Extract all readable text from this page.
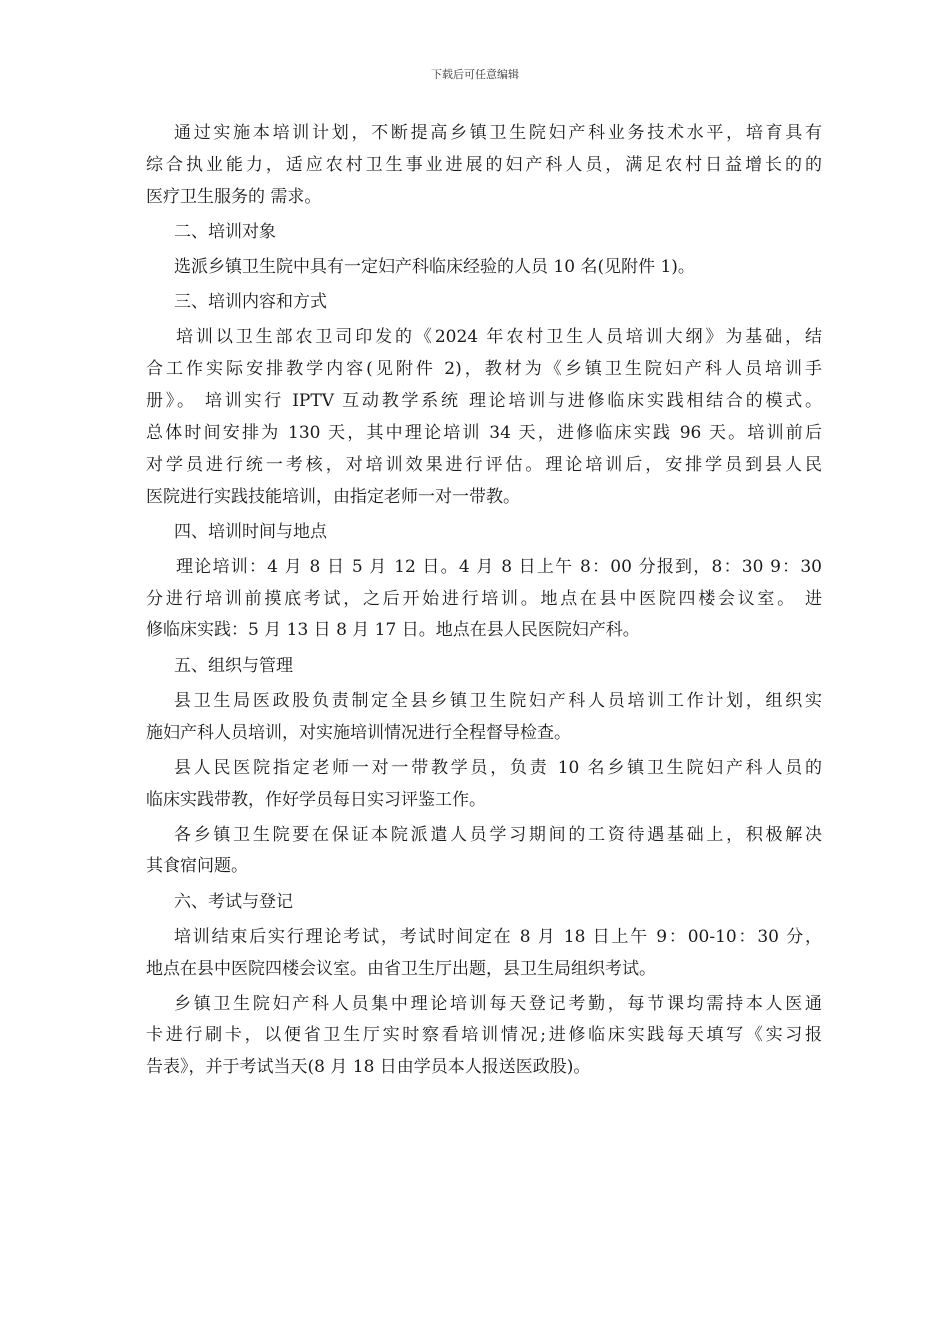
下载后可任意编辑
通过实施本培训计划，不断提高乡镇卫生院妇产科业务技术水平，培育具有
综合执业能力，适应农村卫生事业进展的妇产科人员，满足农村日益增长的的
医疗卫生服务的 需求。
二、培训对象
选派乡镇卫生院中具有一定妇产科临床经验的人员 10 名(见附件 1)。
三、培训内容和方式
培训以卫生部农卫司印发的《2024 年农村卫生人员培训大纲》为基础，结
合工作实际安排教学内容(见附件 2)，教材为《乡镇卫生院妇产科人员培训手
册》。 培训实行 IPTV 互动教学系统 理论培训与进修临床实践相结合的模式。
总体时间安排为 130 天，其中理论培训 34 天，进修临床实践 96 天。培训前后
对学员进行统一考核，对培训效果进行评估。理论培训后，安排学员到县人民
医院进行实践技能培训，由指定老师一对一带教。
四、培训时间与地点
理论培训：4 月 8 日 5 月 12 日。4 月 8 日上午 8：00 分报到，8：30 9：30
分进行培训前摸底考试，之后开始进行培训。地点在县中医院四楼会议室。 进
修临床实践：5 月 13 日 8 月 17 日。地点在县人民医院妇产科。
五、组织与管理
县卫生局医政股负责制定全县乡镇卫生院妇产科人员培训工作计划，组织实
施妇产科人员培训，对实施培训情况进行全程督导检查。
县人民医院指定老师一对一带教学员，负责 10 名乡镇卫生院妇产科人员的
临床实践带教，作好学员每日实习评鉴工作。
各乡镇卫生院要在保证本院派遣人员学习期间的工资待遇基础上，积极解决
其食宿问题。
六、考试与登记
培训结束后实行理论考试，考试时间定在 8 月 18 日上午 9：00-10：30 分，
地点在县中医院四楼会议室。由省卫生厅出题，县卫生局组织考试。
乡镇卫生院妇产科人员集中理论培训每天登记考勤，每节课均需持本人医通
卡进行刷卡，以便省卫生厅实时察看培训情况;进修临床实践每天填写《实习报
告表》，并于考试当天(8 月 18 日由学员本人报送医政股)。
